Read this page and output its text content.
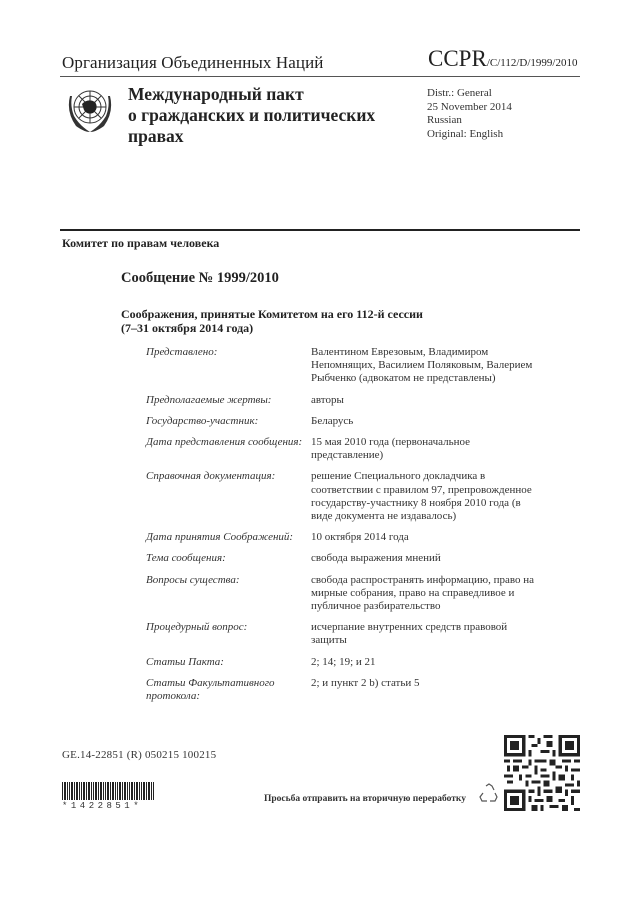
Организация Объединенных Наций	CCPR/C/112/D/1999/2010
Международный пакт
о гражданских и политических
правах
Distr.: General
25 November 2014
Russian
Original: English
Комитет по правам человека
Сообщение № 1999/2010
Соображения, принятые Комитетом на его 112-й сессии
(7–31 октября 2014 года)
Представлено:	Валентином Еврезовым, Владимиром Непомнящих, Василием Поляковым, Валерием Рыбченко (адвокатом не представлены)
Предполагаемые жертвы:	авторы
Государство-участник:	Беларусь
Дата представления сообщения:	15 мая 2010 года (первоначальное представление)
Справочная документация:	решение Специального докладчика в соответствии с правилом 97, препровожденное государству-участнику 8 ноября 2010 года (в виде документа не издавалось)
Дата принятия Соображений:	10 октября 2014 года
Тема сообщения:	свобода выражения мнений
Вопросы существа:	свобода распространять информацию, право на мирные собрания, право на справедливое и публичное разбирательство
Процедурный вопрос:	исчерпание внутренних средств правовой защиты
Статьи Пакта:	2; 14; 19; и 21
Статьи Факультативного протокола:	2; и пункт 2 b) статьи 5
GE.14-22851 (R) 050215 100215
*1422851*
Просьба отправить на вторичную переработку
